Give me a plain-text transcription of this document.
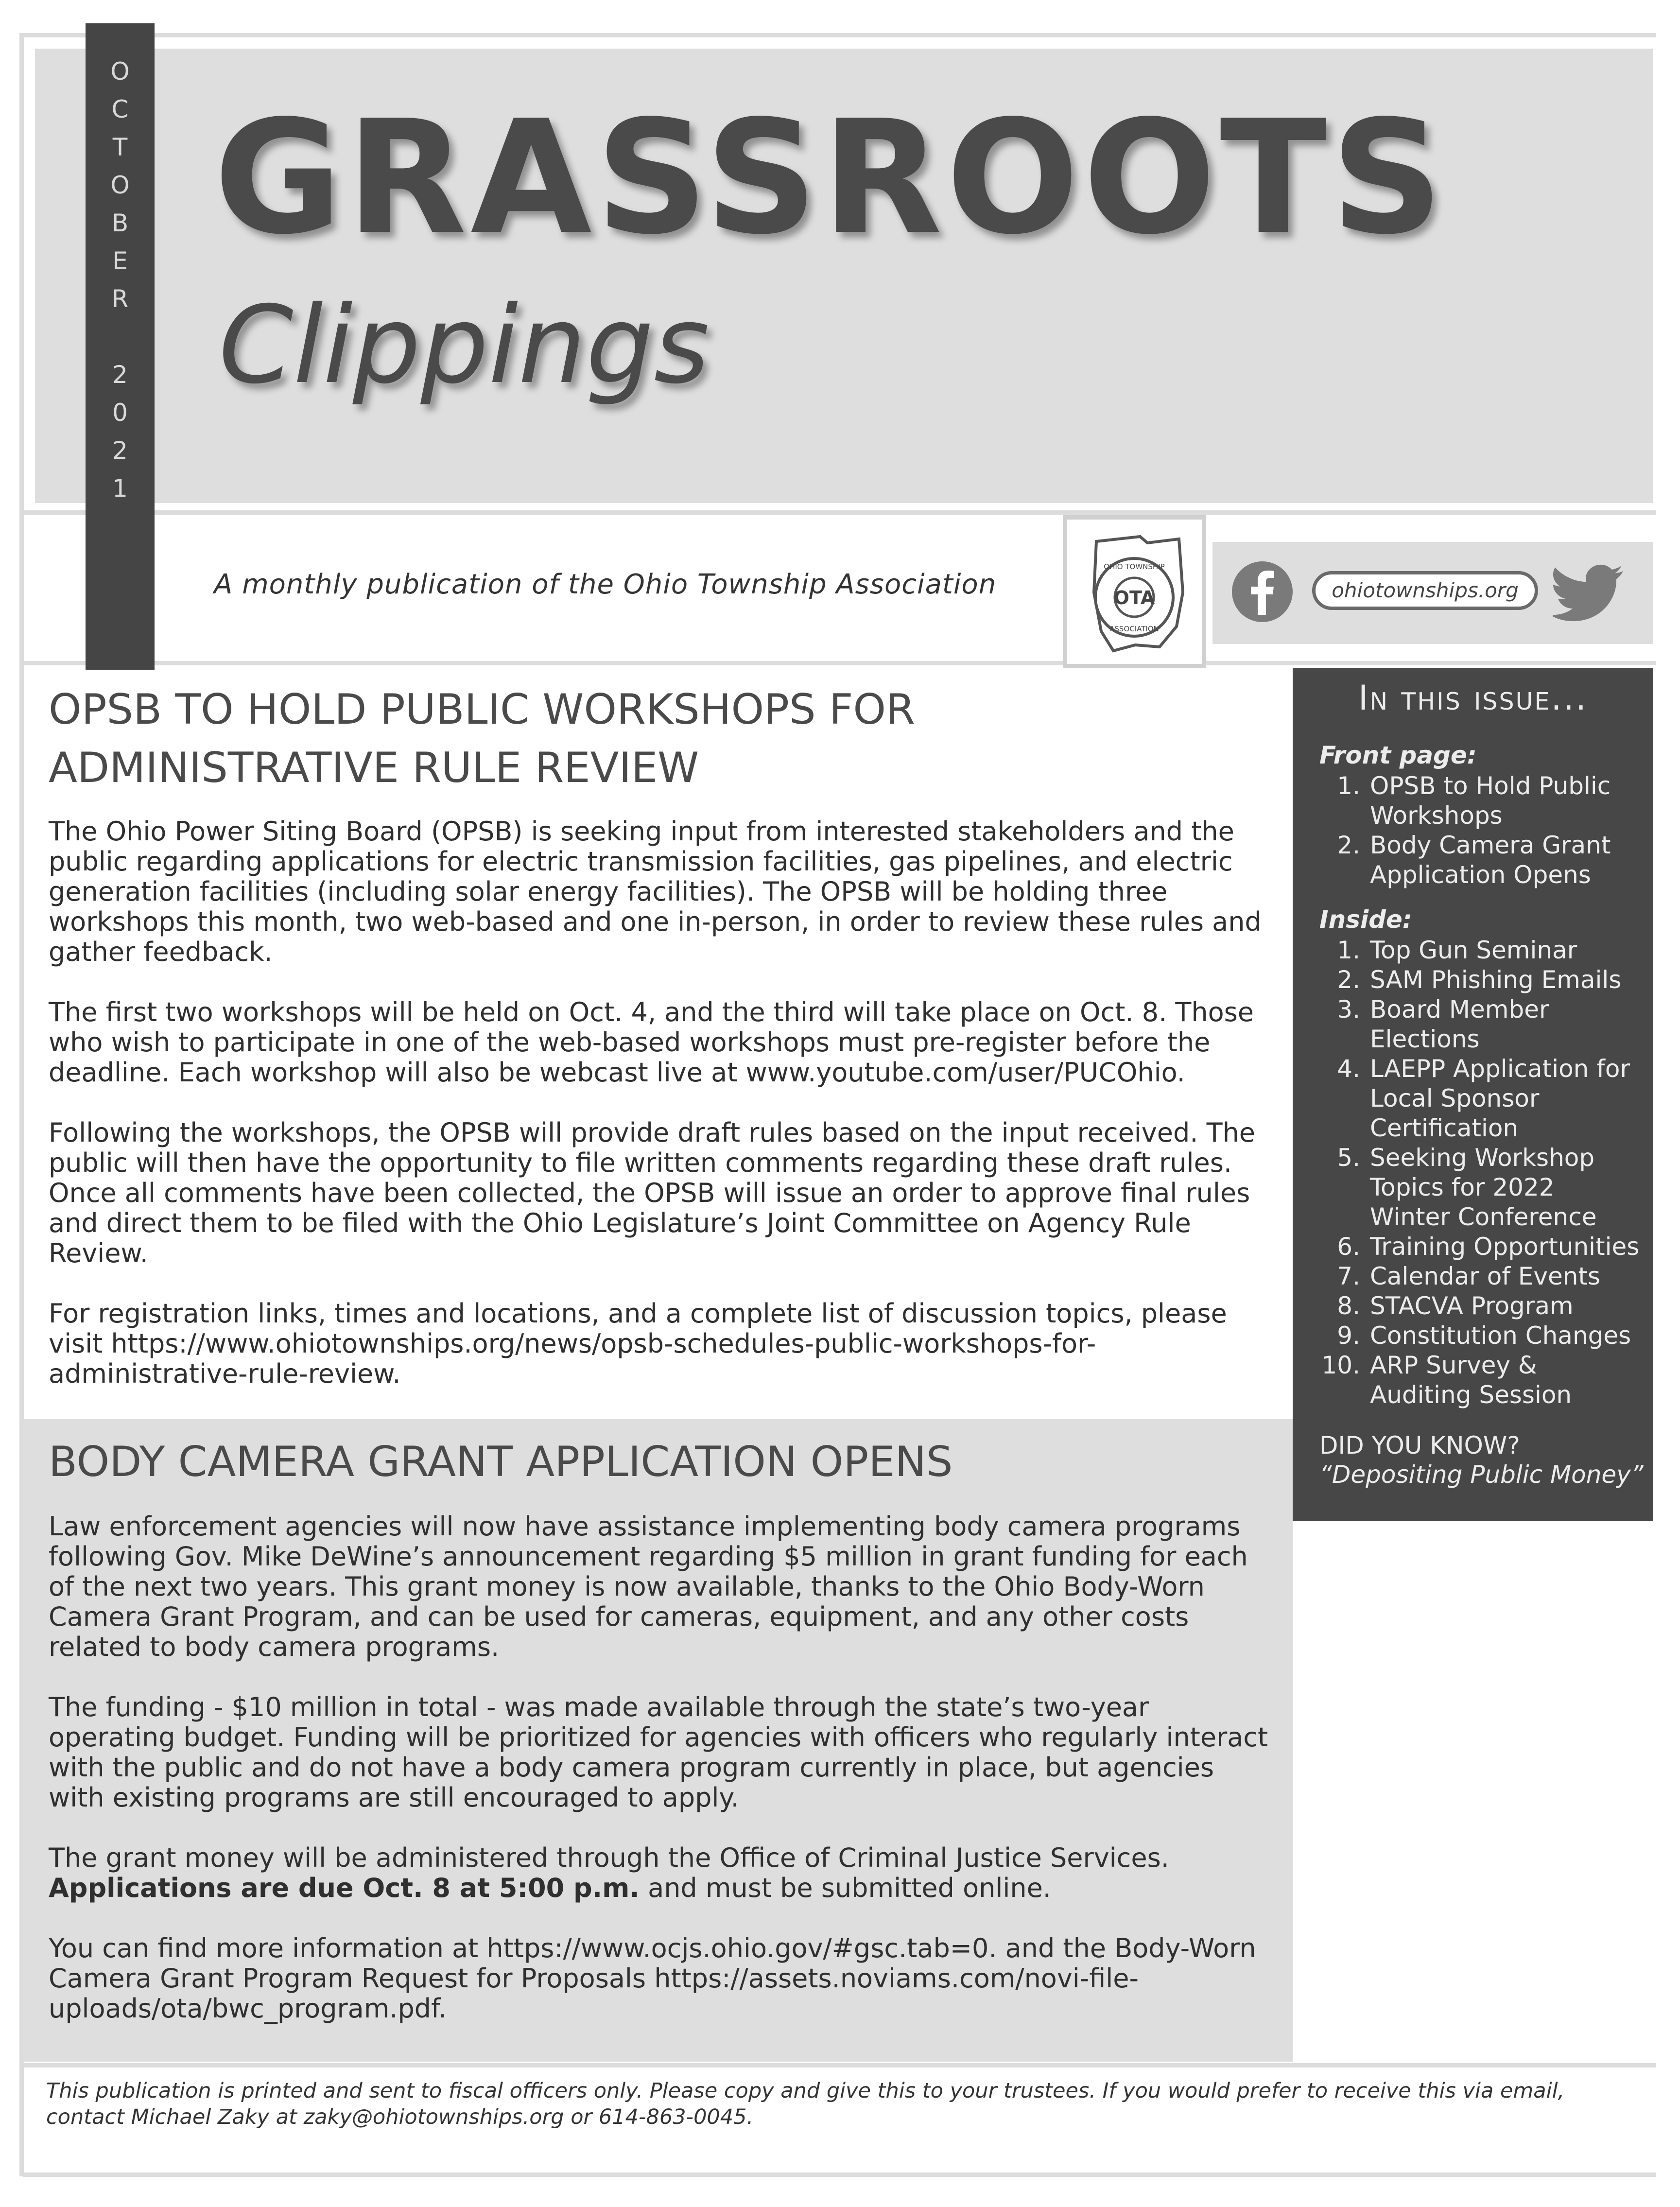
O
C
T
O
B
E
R

2
0
2
1
GRASSROOTS
Clippings
A monthly publication of the Ohio Township Association	OTA
OHIO TOWNSHIP
ASSOCIATION
ohiotownships.org
In this issue...
Front page:
1. OPSB to Hold Public Workshops
2. Body Camera Grant Application Opens
Inside:
1. Top Gun Seminar
2. SAM Phishing Emails
3. Board Member Elections
4. LAEPP Application for Local Sponsor Certification
5. Seeking Workshop Topics for 2022 Winter Conference
6. Training Opportunities
7. Calendar of Events
8. STACVA Program
9. Constitution Changes
10. ARP Survey & Auditing Session
DID YOU KNOW?
“Depositing Public Money”
OPSB TO HOLD PUBLIC WORKSHOPS FOR
ADMINISTRATIVE RULE REVIEW

The Ohio Power Siting Board (OPSB) is seeking input from interested stakeholders and the public regarding applications for electric transmission facilities, gas pipelines, and electric generation facilities (including solar energy facilities). The OPSB will be holding three workshops this month, two web-based and one in-person, in order to review these rules and gather feedback.

The first two workshops will be held on Oct. 4, and the third will take place on Oct. 8. Those who wish to participate in one of the web-based workshops must pre-register before the deadline. Each workshop will also be webcast live at www.youtube.com/user/PUCOhio.

Following the workshops, the OPSB will provide draft rules based on the input received. The public will then have the opportunity to file written comments regarding these draft rules. Once all comments have been collected, the OPSB will issue an order to approve final rules and direct them to be filed with the Ohio Legislature’s Joint Committee on Agency Rule Review.

For registration links, times and locations, and a complete list of discussion topics, please visit https://www.ohiotownships.org/news/opsb-schedules-public-workshops-for-administrative-rule-review.

BODY CAMERA GRANT APPLICATION OPENS

Law enforcement agencies will now have assistance implementing body camera programs following Gov. Mike DeWine’s announcement regarding $5 million in grant funding for each of the next two years. This grant money is now available, thanks to the Ohio Body-Worn Camera Grant Program, and can be used for cameras, equipment, and any other costs related to body camera programs.

The funding - $10 million in total - was made available through the state’s two-year operating budget. Funding will be prioritized for agencies with officers who regularly interact with the public and do not have a body camera program currently in place, but agencies with existing programs are still encouraged to apply.

The grant money will be administered through the Office of Criminal Justice Services.
Applications are due Oct. 8 at 5:00 p.m. and must be submitted online.

You can find more information at https://www.ocjs.ohio.gov/#gsc.tab=0. and the Body-Worn Camera Grant Program Request for Proposals https://assets.noviams.com/novi-file-uploads/ota/bwc_program.pdf.

This publication is printed and sent to fiscal officers only. Please copy and give this to your trustees. If you would prefer to receive this via email, contact Michael Zaky at zaky@ohiotownships.org or 614-863-0045.
